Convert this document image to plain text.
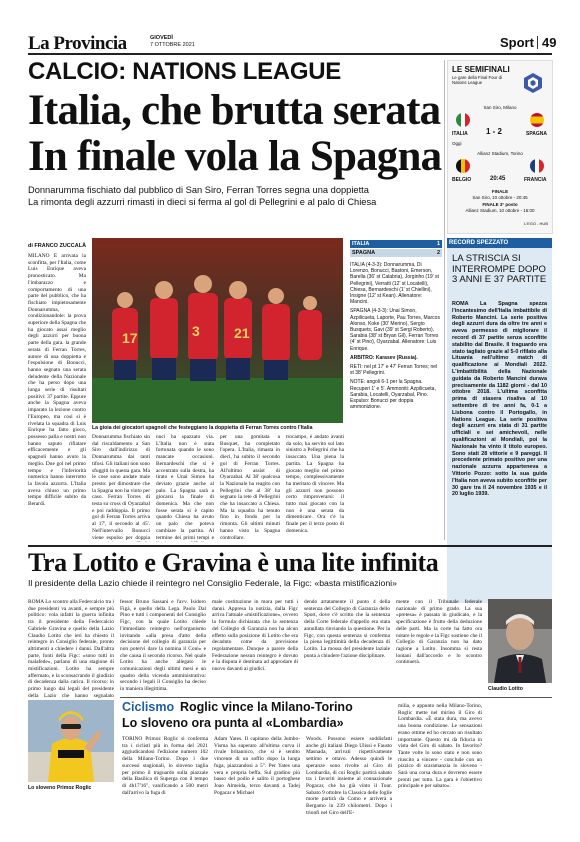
La Provincia	GIOVEDÌ
7 OTTOBRE 2021	Sport 49
CALCIO: NATIONS LEAGUE
Italia, che brutta serata
In finale vola la Spagna
Donnarumma fischiato dal pubblico di San Siro, Ferran Torres segna una doppietta
La rimonta degli azzurri rimasti in dieci si ferma al gol di Pellegrini e al palo di Chiesa
LE SEMIFINALI
Le gare della Final Four di Nations League
San Siro, Milano
ITALIA 1 - 2	SPAGNA
Oggi
Allianz Stadium, Torino
BELGIO	20:45	FRANCIA
FINALE
San Siro, 10 ottobre - 20:45
FINALE 3° posto
Allianz Stadium, 10 ottobre - 15:00
L'EGO - HUB
RECORD SPEZZATO
LA STRISCIA SI INTERROMPE DOPO 3 ANNI E 37 PARTITE
ROMA La Spagna spezza l'incantesimo dell'Italia imbattibile di Roberto Mancini. La serie positiva degli azzurri dura da oltre tre anni e aveva permesso di migliorare il record di 37 partite senza sconfitte stabilito dal Brasile. Il traguardo era stato tagliato grazie al 5-0 rifilato alla Lituania nell'ultimo match di qualificazione ai Mondiali 2022. L'imbattibilità della Nazionale guidata da Roberto Mancini durava precisamente da 1182 giorni - dal 10 ottobre 2018. L'ultima sconfitta prima di stasera risaliva al 10 settembre di tre anni fa, 0-1 a Lisbona contro il Portogallo, in Nations League. La serie positiva degli azzurri era stata di 31 partite ufficiali e sei amichevoli, nelle qualificazioni ai Mondiali, poi la Nazionale ha vinto il titolo europeo. Sono stati 28 vittorie e 9 pareggi. Il precedente primato positivo per una nazionale azzurra apparteneva a Vittorio Pozzo: sotto la sua guida l'Italia non aveva subito sconfitte per 30 gare tra il 24 novembre 1935 e il 20 luglio 1939.
di FRANCO ZUCCALÀ
MILANO È arrivata la sconfitta, per l'Italia, come Luis Enrique aveva pronosticato. Ma l'imbarazzo e comportamento di una parte del pubblico, che ha fischiato impietosamente Donnarumma, condizionandole: la prova superiore della Spagna che ha giocato assai meglio degli azzurri per buona parte della gara. la grande serata di Ferran Torres, autore di una doppietta e l'espulsione di Bonucci, hanno segnato una serata deludente della Nazionale che ha perso dopo una lunga serie di risultati positivi: 37 partite. Eppure anche la Spagna aveva imparato la lezione contro l'Europeo, ma così si è rivelata la squadra di Luis Enrique ha fatto gioco, possesso palla e nostri non hanno saputo rifiatare efficacemente e gli spagnoli hanno avuto la meglio. Due gol nel primo tempo e l'inferiorità numerica hanno interrotto la favola azzurra. L'Italia aveva chiuso un primo tempo difficile subito da Berardi.
17	3 21
La gioia dei giocatori spagnoli che festeggiano la doppietta di Ferran Torres contro l'Italia
Donnarumma fischiato sin dal riscaldamento a San Siro dall'indirizzo di Donnarumma dai tanti tifosi. Gli italiani non sono sfuggiti in questa gara. Ma le cose sono andate male presto: per dimostrare che la Spagna non ha vinto per caso. Ferran Torres di testa su cross di Oyarzabal e poi raddoppia. Il primo gol di Ferran Torres arriva al 17', il secondo al 45'. Nell'intervallo Bonucci viene espulso per doppia
nuci ha spazzato via. L'Italia non è stata fortunata quando le sono mancate occasioni. Bernardeschi che si è accentrato sulla destra, ha tirato e Unai Simon ha deviato grazie anche al palo. La Spagna sarà a giocarsi la finale di domenica. Ma che non fosse serata si è capito quando Chiesa ha avuto un palo che poteva cambiare la partita. Al termine dei primi tempi e
per una gomitata a Busquet, ha completato l'opera. L'Italia, rimasta in dieci, ha subito il secondo gol di Ferran Torres. All'ultimo assist di Oyarzabal. Al 38' qualcosa la Nazionale ha reagito con Pellegrini che al 38' ha segnato la rete di Pellegrini che ha insaccato a Chiesa. Ma la squadra ha tenuto fino in fondo per la rimonta. Gli ultimi minuti hanno visto la Spagna controllare.
trocampo, è andato avanti da solo, ha servito sul lato sinistro a Pellegrini che ha insaccato. Una piena la partita. La Spagna ha giocato meglio nel primo tempo, complessivamente ha meritato di vincere. Ma gli azzurri non possono certo rimproverarsi: il tutto mai giocato con la non è una serata da dimenticare. Ora c'è la finale per il terzo posto di domenica.
ITALIA	1
SPAGNA	2
ITALIA (4-3-3): Donnarumma, Di Lorenzo, Bonucci, Bastoni, Emerson, Barella (36' st Calabria), Jorginho (19' st Pellegrini), Verratti (12' st Locatelli), Chiesa, Bernardeschi (1' st Chiellini), Insigne (12' st Kean). Allenatore: Mancini.
SPAGNA (4-3-3): Unai Simon, Azpilicueta, Laporte, Pau Torres, Marcos Alonso, Koke (30' Merino), Sergio Busquets, Gavi (39' st Sergi Roberto), Sarabia (38' st Bryan Gil), Ferran Torres (4' st Pino), Oyarzabal. Allenatore: Luis Enrique.
ARBITRO: Karasev (Russia).
RETI: nel pt 17' e 47' Ferran Torres; nel st 38' Pellegrini.
NOTE: angoli 6-1 per la Spagna. Recuperi 1' e 5'. Ammoniti: Azpilicueta, Sarabia, Locatelli, Oyarzabal, Pino. Espulso: Bonucci per doppia ammonizione.
Tra Lotito e Gravina è una lite infinita
Il presidente della Lazio chiede il reintegro nel Consiglio Federale, la Figc: «basta mistificazioni»
ROMA Lo scontro alla Federcalcio tra i due presidenti va avanti, e sempre più politico: vola infatti la guerra infinita tra il presidente della Federcalcio Gabriele Gravina e quello della Lazio Claudio Lotito che ieri ha chiesto il reintegro in Consiglio federale, pronto altrimenti a chiedere i danni. Dall'altra parte, fonti della Figc: «sono tutti in malafede», parlano di una stagione di mistificazioni. Lotito ha sempre affermato, e la sconsacrando il giudizio di decadenza dalla carica. Il ricorso: in primo luogo dai legali del presidente della Lazio che hanno segnalato
fessor Bruno Sassani e l'avv. Isidoro Figà, e quello della Lega. Paolo Dal Pino e tutti i componenti del Consiglio Figc, con la quale Lotito chiede l'immediato reintegro nell'organismo invitando «alla presa d'atto della decisione del collegio di garanzia per non potervi dare la nomina il Coni» e che causa il secondo ricorso. Nel quale Lotito ha anche allegato le comunicazioni degli ultimi mesi e un quadro della vicenda amministrativa: secondo i legali il Consiglio ha deciso in maniera illegittima.
male costituzione in mora per tutti i danni. Appresa la notizia, dalla Figc arriva l'attuale «mistificazione», ovvero la formula dichiarata che la sentenza del Collegio di Garanzia non ha alcun effetto sulla posizione di Lotito che era decaduto come da previsione regolamentare. Dunque a parere della Federazione nessun reintegro è dovuto e la disputa è destinata ad approdare di nuovo davanti ai giudici.
dendo artatamente il punto 4 della sentenza del Collegio di Garanzia dello Sport, dove c'è scritto che la sentenza della Corte federale d'appello era stata annullata rinviando la questione. Per la Figc, con questa sentenza si conferma la piena legittimità della decadenza di Lotito. La mossa del presidente laziale punta a chiudere l'azione disciplinare.
mente con il Tribunale federale nazionale di primo grado. La sua «pretesa» è passata in giudicato, e la specificazione è frutto della deduzione delle parti. Ma la corte ha fatto ora notare le regole e la Figc sostiene che il Collegio di Garanzia non ha dato ragione a Lotito. Insomma si resta lontani dall'accordo e lo scontro continuerà.
Claudio Lotito
Lo sloveno Primoz Roglic
Ciclismo Roglic vince la Milano-Torino
Lo sloveno ora punta al «Lombardia»
TORINO Primoz Roglic si conferma tra i ciclisti più in forma del 2021 aggiudicandosi l'edizione numero 102 della Milano-Torino. Dopo i due successi stagionali, lo sloveno taglia per primo il traguardo sulla piazzale della Basilica di Superga con il tempo di 4h17'16", vanificando a 500 metri dall'arrivo la fuga di
Adam Yates. Il capitano della Jumbo-Visma ha superato all'ultima curva il rivale britannico, che si è sentito vincente di un soffio dopo la lunga fuga, piazzandosi a 5". Per Yates una vera e propria beffa. Sul gradino più basso del podio è salito il portoghese Joao Almeida, terzo davanti a Tadej Pogacar e Michael
Woods. Possono essere soddisfatti anche gli italiani Diego Ulissi e Fausto Masnada, arrivati rispettivamente settimo e ottavo. Adesso quindi le speranze sono rivolte al Giro di Lombardia, di cui Roglic partirà sabato tra i favoriti insieme al connazionale Pogacar, che ha già vinto il Tour. Sabato 9 ottobre la Classica delle foglie morte partirà da Como e arriverà a Bergamo in 239 chilometri. Dopo i trionfi nel Giro dell'E-
milia, e appunto nella Milano-Torino, Roglic mette nel mirino il Giro di Lombardia. «È stata dura, ma avevo una buona condizione. Le sensazioni erano ottime ed ho cercato un risultato importante. Questo mi dà fiducia in vista del Giro di sabato. In favorito? Tante volte lo sono stato e non sono riuscito a vincere - conclude con un pizzico di scaramanzia lo sloveno - Sarà una corsa dura e dovremo essere pronti per tutto. La gara è l'obiettivo principale e per sabato».
